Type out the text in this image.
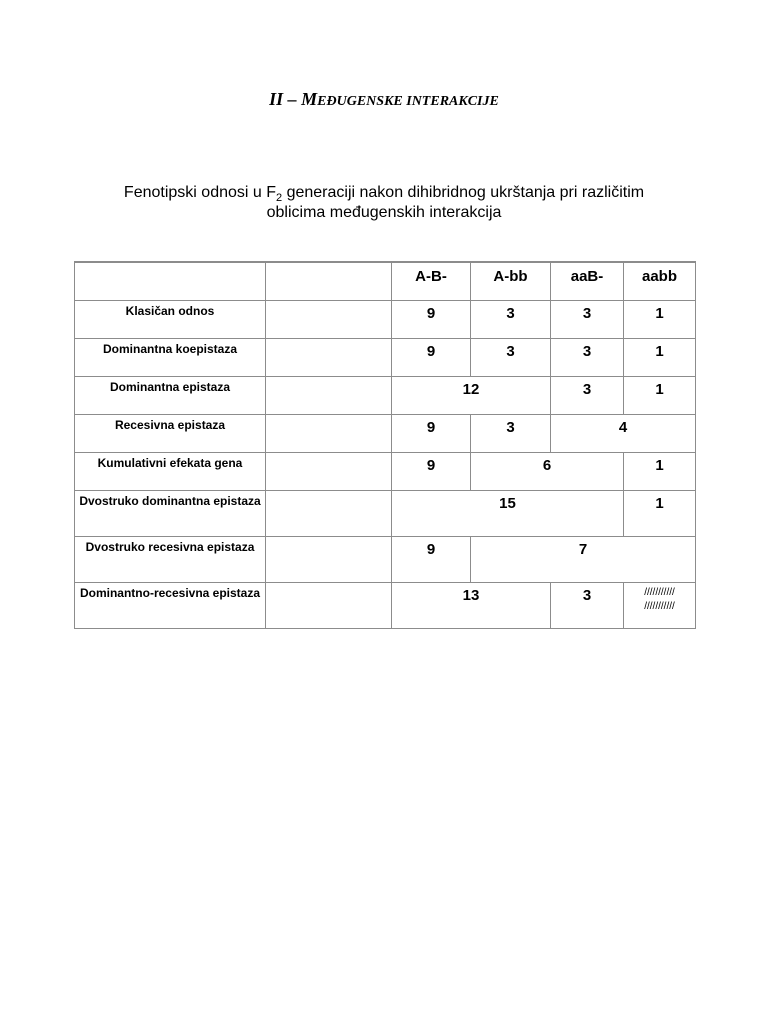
II – MEĐUGENSKE INTERAKCIJE

Fenotipski odnosi u $F_2$ generaciji nakon dihibridnog ukrštanja pri različitim
oblicima međugenskih interakcija

		A-B-	A-bb	aaB-	aabb
Klasičan odnos		9	3	3	1
Dominantna koepistaza		9	3	3	1
Dominantna epistaza		12		3	1
Recesivna epistaza		9	3	4	
Kumulativni efekata gena		9	6		1
Dvostruko dominantna epistaza		15			1
Dvostruko recesivna epistaza		9	7		
Dominantno-recesivna epistaza		13		3	///////////
///////////
